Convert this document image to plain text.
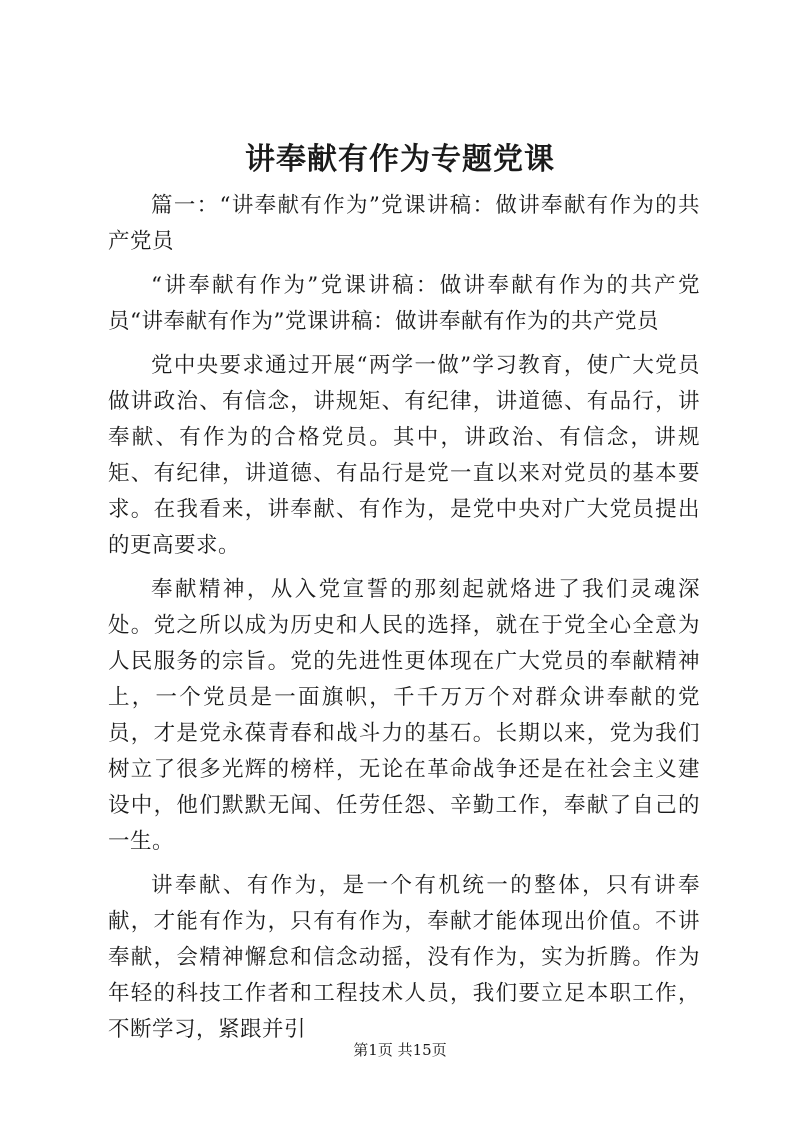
讲奉献有作为专题党课

篇一：“讲奉献有作为”党课讲稿：做讲奉献有作为的共产党员

“讲奉献有作为”党课讲稿：做讲奉献有作为的共产党员“讲奉献有作为”党课讲稿：做讲奉献有作为的共产党员

党中央要求通过开展“两学一做”学习教育，使广大党员做讲政治、有信念，讲规矩、有纪律，讲道德、有品行，讲奉献、有作为的合格党员。其中，讲政治、有信念，讲规矩、有纪律，讲道德、有品行是党一直以来对党员的基本要求。在我看来，讲奉献、有作为，是党中央对广大党员提出的更高要求。

奉献精神，从入党宣誓的那刻起就烙进了我们灵魂深处。党之所以成为历史和人民的选择，就在于党全心全意为人民服务的宗旨。党的先进性更体现在广大党员的奉献精神上，一个党员是一面旗帜，千千万万个对群众讲奉献的党员，才是党永葆青春和战斗力的基石。长期以来，党为我们树立了很多光辉的榜样，无论在革命战争还是在社会主义建设中，他们默默无闻、任劳任怨、辛勤工作，奉献了自己的一生。

讲奉献、有作为，是一个有机统一的整体，只有讲奉献，才能有作为，只有有作为，奉献才能体现出价值。不讲奉献，会精神懈怠和信念动摇，没有作为，实为折腾。作为年轻的科技工作者和工程技术人员，我们要立足本职工作，不断学习，紧跟并引

第1页 共15页
